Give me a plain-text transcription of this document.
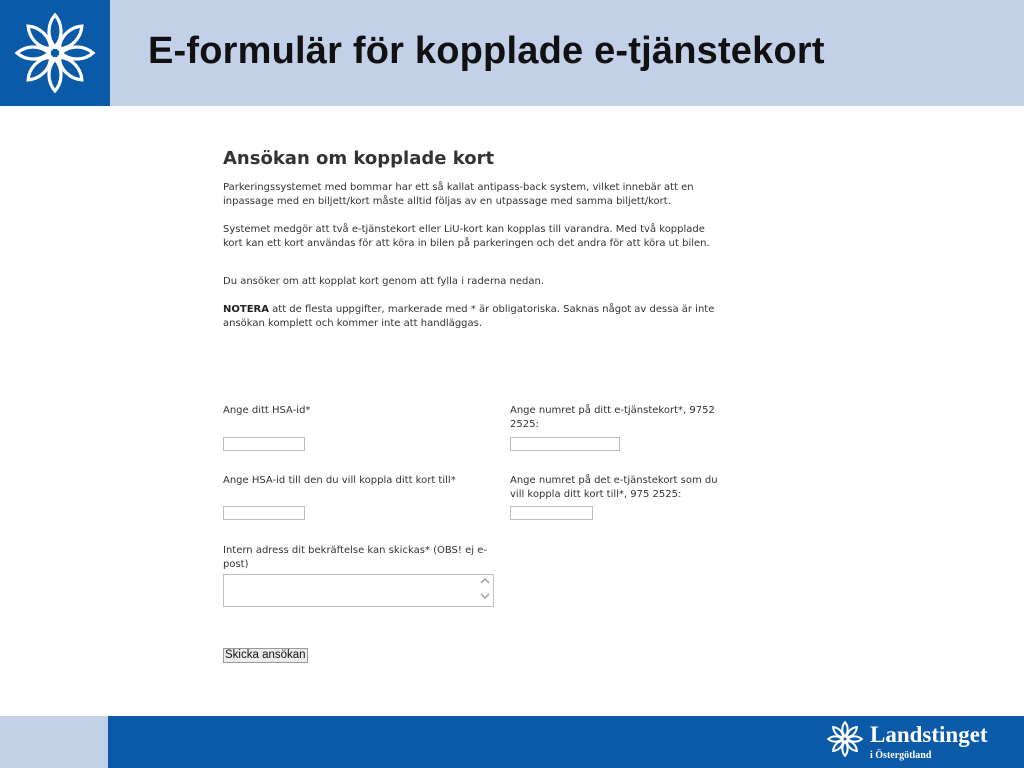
E-formulär för kopplade e-tjänstekort
Ansökan om kopplade kort

Parkeringssystemet med bommar har ett så kallat antipass-back system, vilket innebär att en inpassage med en biljett/kort måste alltid följas av en utpassage med samma biljett/kort.

Systemet medgör att två e-tjänstekort eller LiU-kort kan kopplas till varandra. Med två kopplade kort kan ett kort användas för att köra in bilen på parkeringen och det andra för att köra ut bilen.

Du ansöker om att kopplat kort genom att fylla i raderna nedan.

NOTERA att de flesta uppgifter, markerade med * är obligatoriska. Saknas något av dessa är inte ansökan komplett och kommer inte att handläggas.

Ange ditt HSA-id*	Ange numret på ditt e-tjänstekort*, 9752 2525:

Ange HSA-id till den du vill koppla ditt kort till*	Ange numret på det e-tjänstekort som du vill koppla ditt kort till*, 975 2525:

Intern adress dit bekräftelse kan skickas* (OBS! ej e-post)

Skicka ansökan

Landstinget

i Östergötland
